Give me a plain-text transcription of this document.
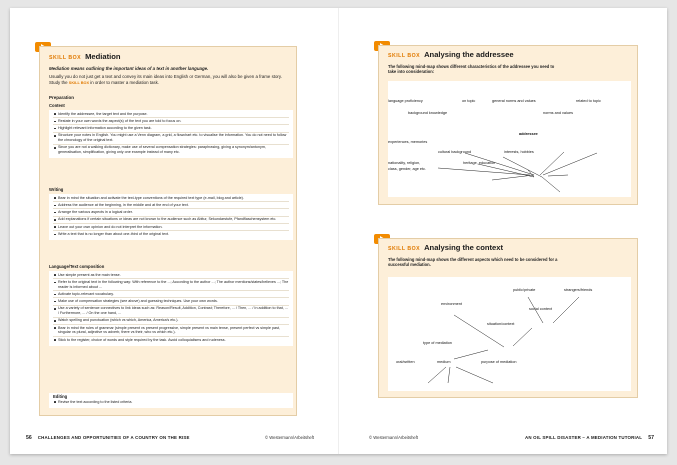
SKILL BOX Mediation
Mediation means outlining the important ideas of a text in another language.
Usually you do not just get a text and convey its main ideas into English or German, you will also be given a frame story. Study the SKILL BOX in order to master a mediation task.
Preparation
Content
Identify the addressee, the target text and the purpose.
Restate in your own words the aspect(s) of the text you are told to focus on.
Highlight relevant information according to the given task.
Structure your notes in English. You might use a Venn diagram, a grid, a flowchart etc. to visualise the information. You do not need to follow the chronology of the original text.
Since you are not a walking dictionary, make use of several compensation strategies: paraphrasing, giving a synonym/antonym, generalisation, simplification, giving only one example instead of many etc.
Writing
Bear in mind the situation and activate the text-type conventions of the required text type (e-mail, blog and article).
Address the audience at the beginning, in the middle and at the end of your text.
Arrange the various aspects in a logical order.
Add explanations if certain situations or ideas are not known to the audience such as Abitur, Sekundarstufe, Pfandflaschensystem etc.
Leave out your own opinion and do not interpret the information.
Write a text that is no longer than about one-third of the original text.
Language/Text composition
Use simple present as the main tense.
Refer to the original text in the following way: With reference to the ...; According to the author ...; The author mentions/states/believes ...; The reader is informed about ...
Activate topic-relevant vocabulary.
Make use of compensation strategies (see above) and guessing techniques. Use your own words.
Use a variety of sentence connectives to link ideas such as: Reason/Result, Addition, Contrast; Therefore, ... / Then, ... / In addition to that, ... / Furthermore, ... / On the one hand, ...
Watch spelling and punctuation (which vs which, America, America's etc.).
Bear in mind the rules of grammar (simple present vs present progressive, simple present vs main tense, present perfect vs simple past, singular vs plural, adjective vs adverb, there vs their, who vs which etc.).
Stick to the register, choice of words and style required by the task. Avoid colloquialisms and rudeness.
Editing
Revise the text according to the listed criteria.
SKILL BOX Analysing the addressee
The following mind-map shows different characteristics of the addressee you need to take into consideration:
language proficiency	on topic	general norms and values	related to topic
background knowledge	norms and values
addressee
experiences, memories
cultural background	interests, hobbies
nationality, religion,
class, gender, age etc.
heritage, education
SKILL BOX Analysing the context
The following mind-map shows the different aspects which need to be considered for a successful mediation.
public/private	strangers/friends
environment
social context
situation/context
type of mediation
oral/written	medium	purpose of mediation
56 CHALLENGES AND OPPORTUNITIES OF A COUNTRY ON THE RISE	© Westermann/Arbeitsheft	© Westermann/Arbeitsheft	AN OIL SPILL DISASTER – A MEDIATION TUTORIAL 57
